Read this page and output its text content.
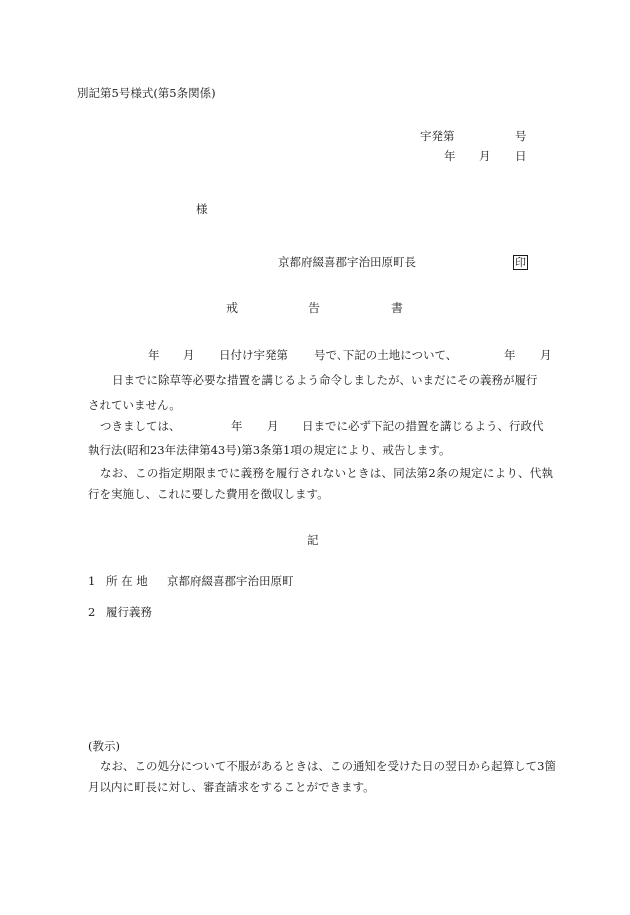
別記第5号様式(第5条関係)
宇発第	号
年 月 日
様
京都府綴喜郡宇治田原町長	印
戒	告	書
年 月 日付け宇発第 号で､下記の土地について、	年 月
日までに除草等必要な措置を講じるよう命令しましたが、いまだにその義務が履行
されていません。
つきましては、	年 月 日までに必ず下記の措置を講じるよう、行政代
執行法(昭和23年法律第43号)第3条第1項の規定により、戒告します。
なお、この指定期限までに義務を履行されないときは、同法第2条の規定により、代執行を実施し、これに要した費用を徴収します。
記
1 所 在 地 京都府綴喜郡宇治田原町
2 履行義務
(教示)
なお、この処分について不服があるときは、この通知を受けた日の翌日から起算して3箇月以内に町長に対し、審査請求をすることができます。
